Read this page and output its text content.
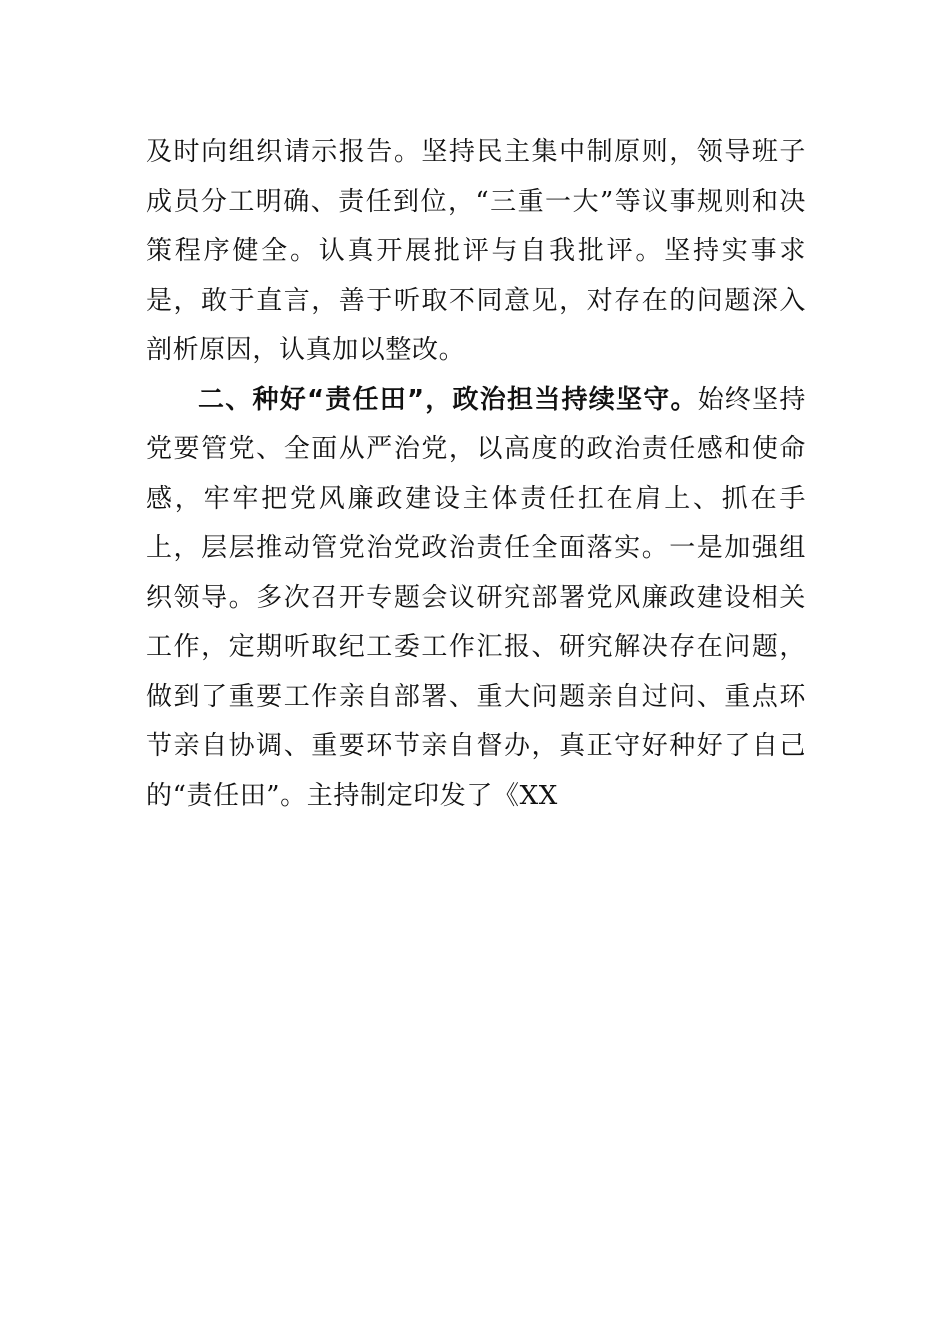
及时向组织请示报告。坚持民主集中制原则，领导班子成员分工明确、责任到位，“三重一大”等议事规则和决策程序健全。认真开展批评与自我批评。坚持实事求是，敢于直言，善于听取不同意见，对存在的问题深入剖析原因，认真加以整改。

二、种好“责任田”，政治担当持续坚守。始终坚持党要管党、全面从严治党，以高度的政治责任感和使命感，牢牢把党风廉政建设主体责任扛在肩上、抓在手上，层层推动管党治党政治责任全面落实。一是加强组织领导。多次召开专题会议研究部署党风廉政建设相关工作，定期听取纪工委工作汇报、研究解决存在问题，做到了重要工作亲自部署、重大问题亲自过问、重点环节亲自协调、重要环节亲自督办，真正守好种好了自己的“责任田”。主持制定印发了《XX
